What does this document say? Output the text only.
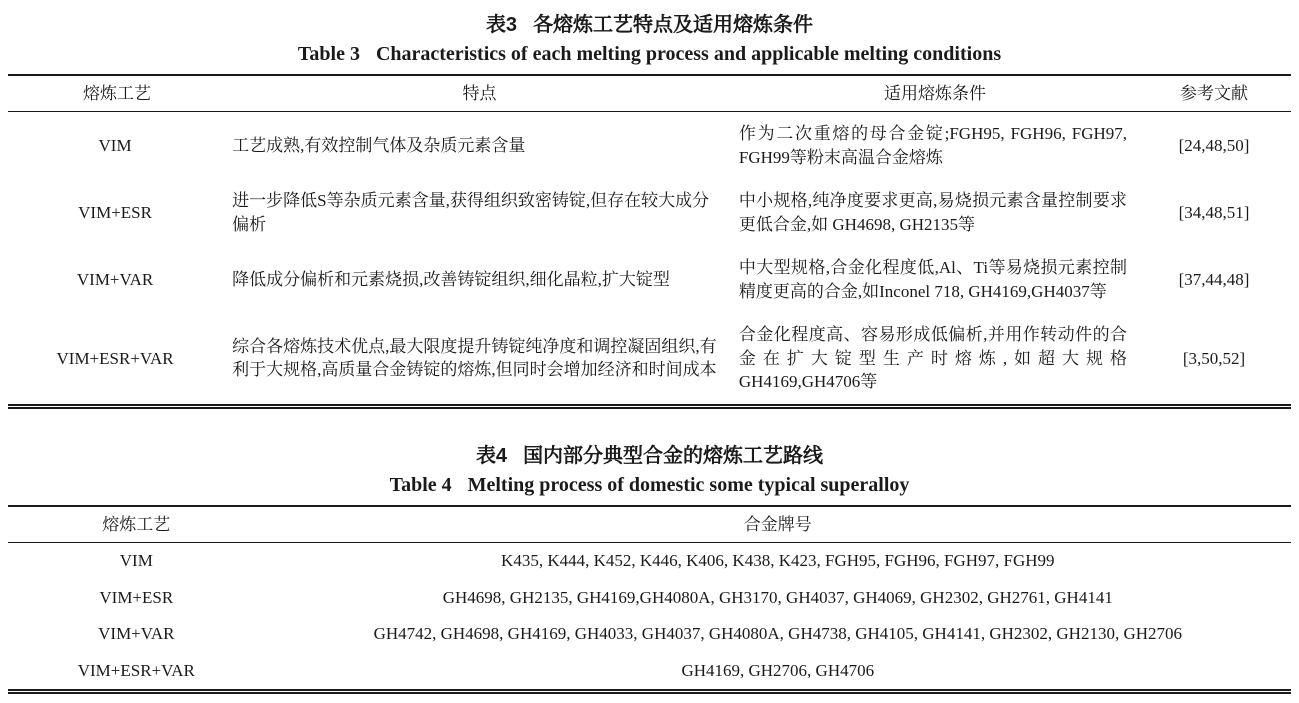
表3 各熔炼工艺特点及适用熔炼条件
Table 3 Characteristics of each melting process and applicable melting conditions
熔炼工艺	特点	适用熔炼条件	参考文献
VIM	工艺成熟,有效控制气体及杂质元素含量	作为二次重熔的母合金锭;FGH95, FGH96, FGH97, FGH99等粉末高温合金熔炼	[24,48,50]
VIM+ESR	进一步降低S等杂质元素含量,获得组织致密铸锭,但存在较大成分偏析	中小规格,纯净度要求更高,易烧损元素含量控制要求更低合金,如 GH4698, GH2135等	[34,48,51]
VIM+VAR	降低成分偏析和元素烧损,改善铸锭组织,细化晶粒,扩大锭型	中大型规格,合金化程度低,Al、Ti等易烧损元素控制精度更高的合金,如Inconel 718, GH4169,GH4037等	[37,44,48]
VIM+ESR+VAR	综合各熔炼技术优点,最大限度提升铸锭纯净度和调控凝固组织,有利于大规格,高质量合金铸锭的熔炼,但同时会增加经济和时间成本	合金化程度高、容易形成低偏析,并用作转动件的合金在扩大锭型生产时熔炼,如超大规格GH4169,GH4706等	[3,50,52]
表4 国内部分典型合金的熔炼工艺路线
Table 4 Melting process of domestic some typical superalloy
熔炼工艺	合金牌号
VIM	K435, K444, K452, K446, K406, K438, K423, FGH95, FGH96, FGH97, FGH99
VIM+ESR	GH4698, GH2135, GH4169,GH4080A, GH3170, GH4037, GH4069, GH2302, GH2761, GH4141
VIM+VAR	GH4742, GH4698, GH4169, GH4033, GH4037, GH4080A, GH4738, GH4105, GH4141, GH2302, GH2130, GH2706
VIM+ESR+VAR	GH4169, GH2706, GH4706
